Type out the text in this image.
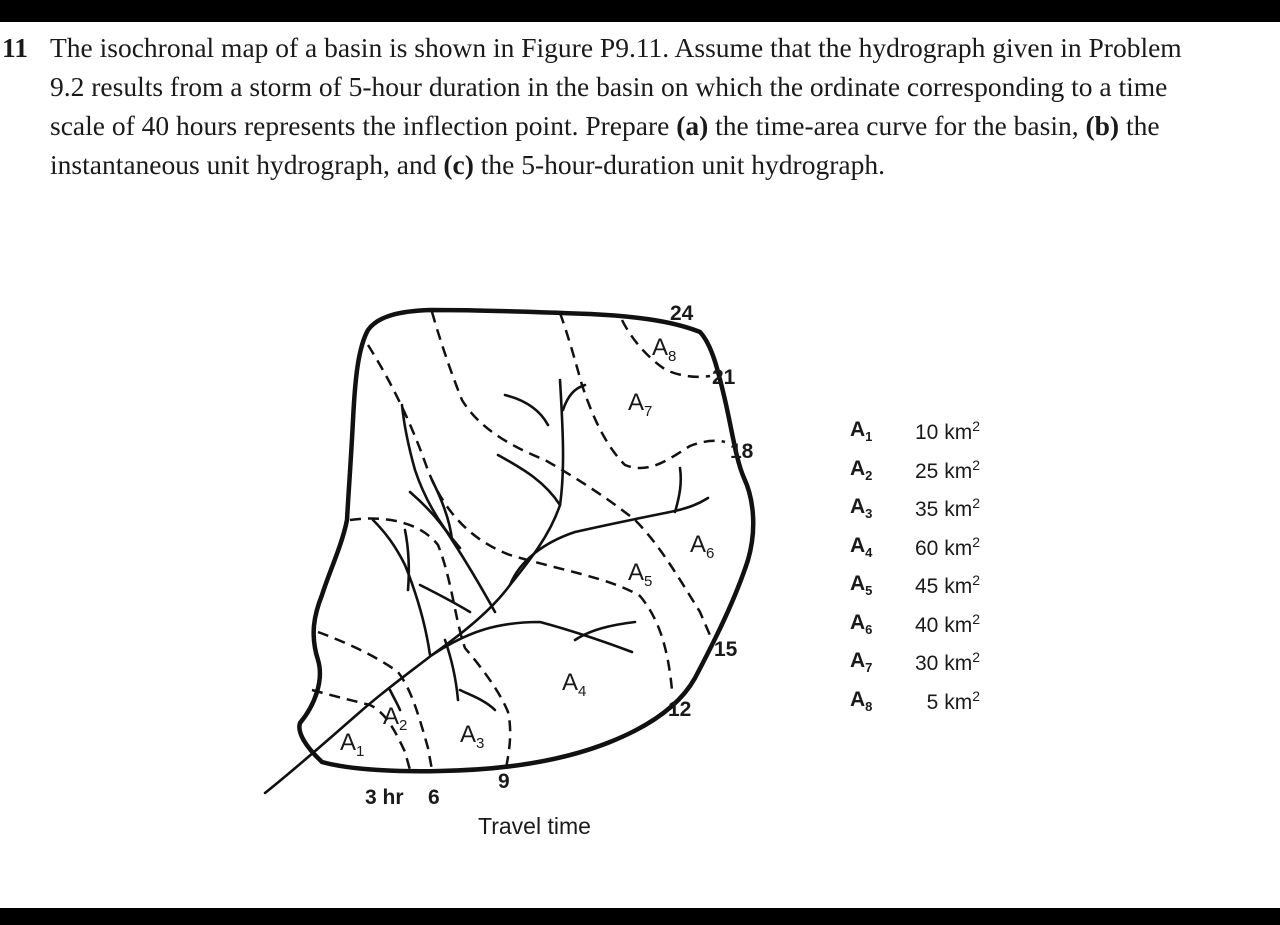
11 The isochronal map of a basin is shown in Figure P9.11. Assume that the hydrograph given in Problem 9.2 results from a storm of 5-hour duration in the basin on which the ordinate corresponding to a time scale of 40 hours represents the inflection point. Prepare (a) the time-area curve for the basin, (b) the instantaneous unit hydrograph, and (c) the 5-hour-duration unit hydrograph.
$A_1$
$A_2$ $A_3$
$A_4$
$A_5$
$A_6$
$A_7$
$A_8$
3 hr 6
9
12
15
18
21
24
Travel time
$A_1$	10 $km^2$
$A_2$	25 $km^2$
$A_3$	35 $km^2$
$A_4$	60 $km^2$
$A_5$	45 $km^2$
$A_6$	40 $km^2$
$A_7$	30 $km^2$
$A_8$	5 $km^2$
